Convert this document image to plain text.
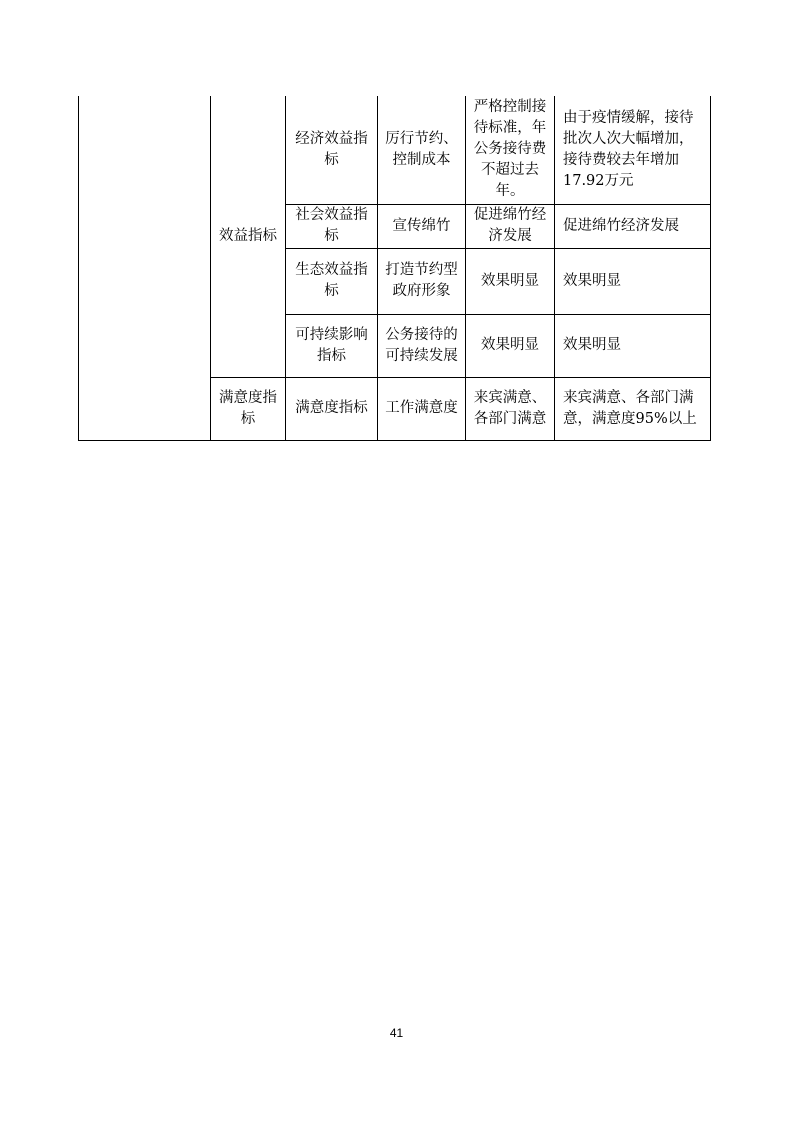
	效益指标	经济效益指标	厉行节约、控制成本	严格控制接待标准，年公务接待费不超过去年。	由于疫情缓解，接待批次人次大幅增加，接待费较去年增加17.92万元
		社会效益指标	宣传绵竹	促进绵竹经济发展	促进绵竹经济发展
		生态效益指标	打造节约型政府形象	效果明显	效果明显
		可持续影响 指标	公务接待的可持续发展	效果明显	效果明显
	满意度指标	满意度指标	工作满意度	来宾满意、各部门满意	来宾满意、各部门满意，满意度95%以上
41
